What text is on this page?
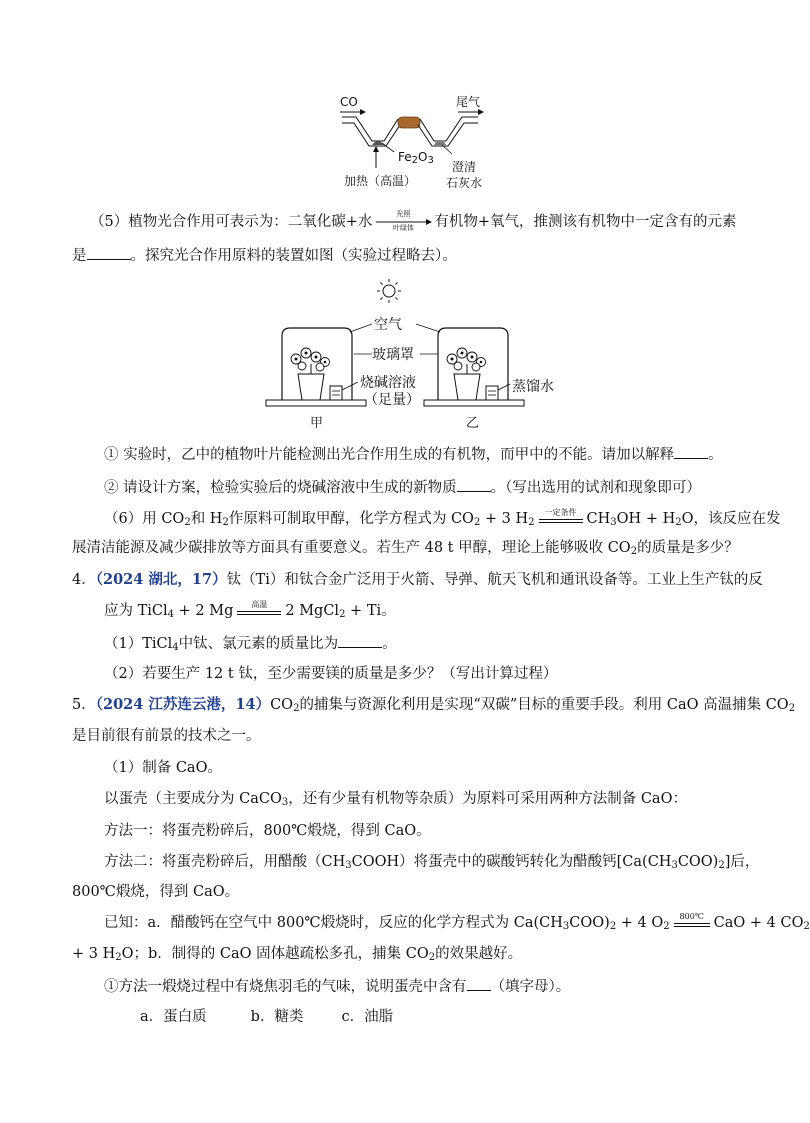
CO	尾气
$Fe_2O_3$
加热（高温）
澄清
石灰水
（5）植物光合作用可表示为：二氧化碳+水	光照
叶绿体	有机物+氧气，推测该有机物中一定含有的元素
是	。探究光合作用原料的装置如图（实验过程略去）。
空气
玻璃罩
烧碱溶液
（足量）
蒸馏水
甲	乙
① 实验时，乙中的植物叶片能检测出光合作用生成的有机物，而甲中的不能。请加以解释 。
② 请设计方案，检验实验后的烧碱溶液中生成的新物质 。（写出选用的试剂和现象即可）
（6）用 $CO_2$和 $H_2$作原料可制取甲醇，化学方程式为 $CO_2 + 3$ $H_2$
一定条件 $CH_3OH + H_2O$，该反应在发
展清洁能源及减少碳排放等方面具有重要意义。若生产 48 t 甲醇，理论上能够吸收 $CO_2$的质量是多少？
4．（2024 湖北，17）钛（Ti）和钛合金广泛用于火箭、导弹、航天飞机和通讯设备等。工业上生产钛的反
应为 TiCl$_4$ + 2 Mg	高温	2 MgCl$_2$ + Ti。
（1）TiCl$_4$中钛、氯元素的质量比为	。
（2）若要生产 12 t 钛，至少需要镁的质量是多少？（写出计算过程）
5．（2024 江苏连云港，$14)CO_2$的捕集与资源化利用是实现“双碳”目标的重要手段。利用 CaO 高温捕集 $CO_2$
是目前很有前景的技术之一。
（1）制备 CaO。
以蛋壳（主要成分为 CaCO$_3$，还有少量有机物等杂质）为原料可采用两种方法制备 CaO：
方法一：将蛋壳粉碎后，800℃煅烧，得到 CaO。
方法二：将蛋壳粉碎后，用醋酸$(CH_3COOH)$将蛋壳中的碳酸钙转化为醋酸钙$[Ca(CH_3COO)_2]$后，
800℃煅烧，得到 CaO。
已知：a．醋酸钙在空气中 800℃煅烧时，反应的化学方程式为 $Ca(CH_3COO)_2 + 4$ $O_2$
800℃ CaO + 4 $CO_2$
+ 3 $H_2O$；b．制得的 CaO 固体越疏松多孔，捕集 $CO_2$的效果越好。
①方法一煅烧过程中有烧焦羽毛的气味，说明蛋壳中含有 （填字母）。
a．蛋白质	b．糖类	c．油脂
